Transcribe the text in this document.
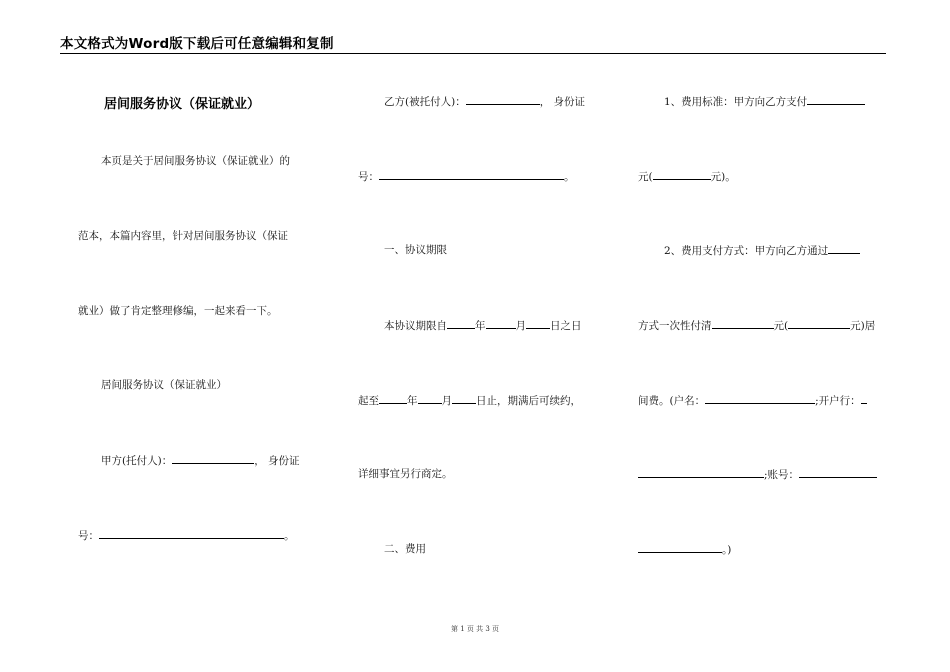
本文格式为Word版下载后可任意编辑和复制
居间服务协议（保证就业）
本页是关于居间服务协议（保证就业）的
范本，本篇内容里，针对居间服务协议（保证
就业）做了肯定整理修编，一起来看一下。
居间服务协议（保证就业）
甲方(托付人)：	， 身份证
号：	。
乙方(被托付人)：	， 身份证
号：	。
一、协议期限
本协议期限自	年	月 日之日
起至	年 月 日止，期满后可续约，
详细事宜另行商定。
二、费用
1、费用标准：甲方向乙方支付
元(	元)。
2、费用支付方式：甲方向乙方通过
方式一次性付清	元(	元)居
间费。(户名：	;开户行：
;账号：
。)
第 1 页 共 3 页
